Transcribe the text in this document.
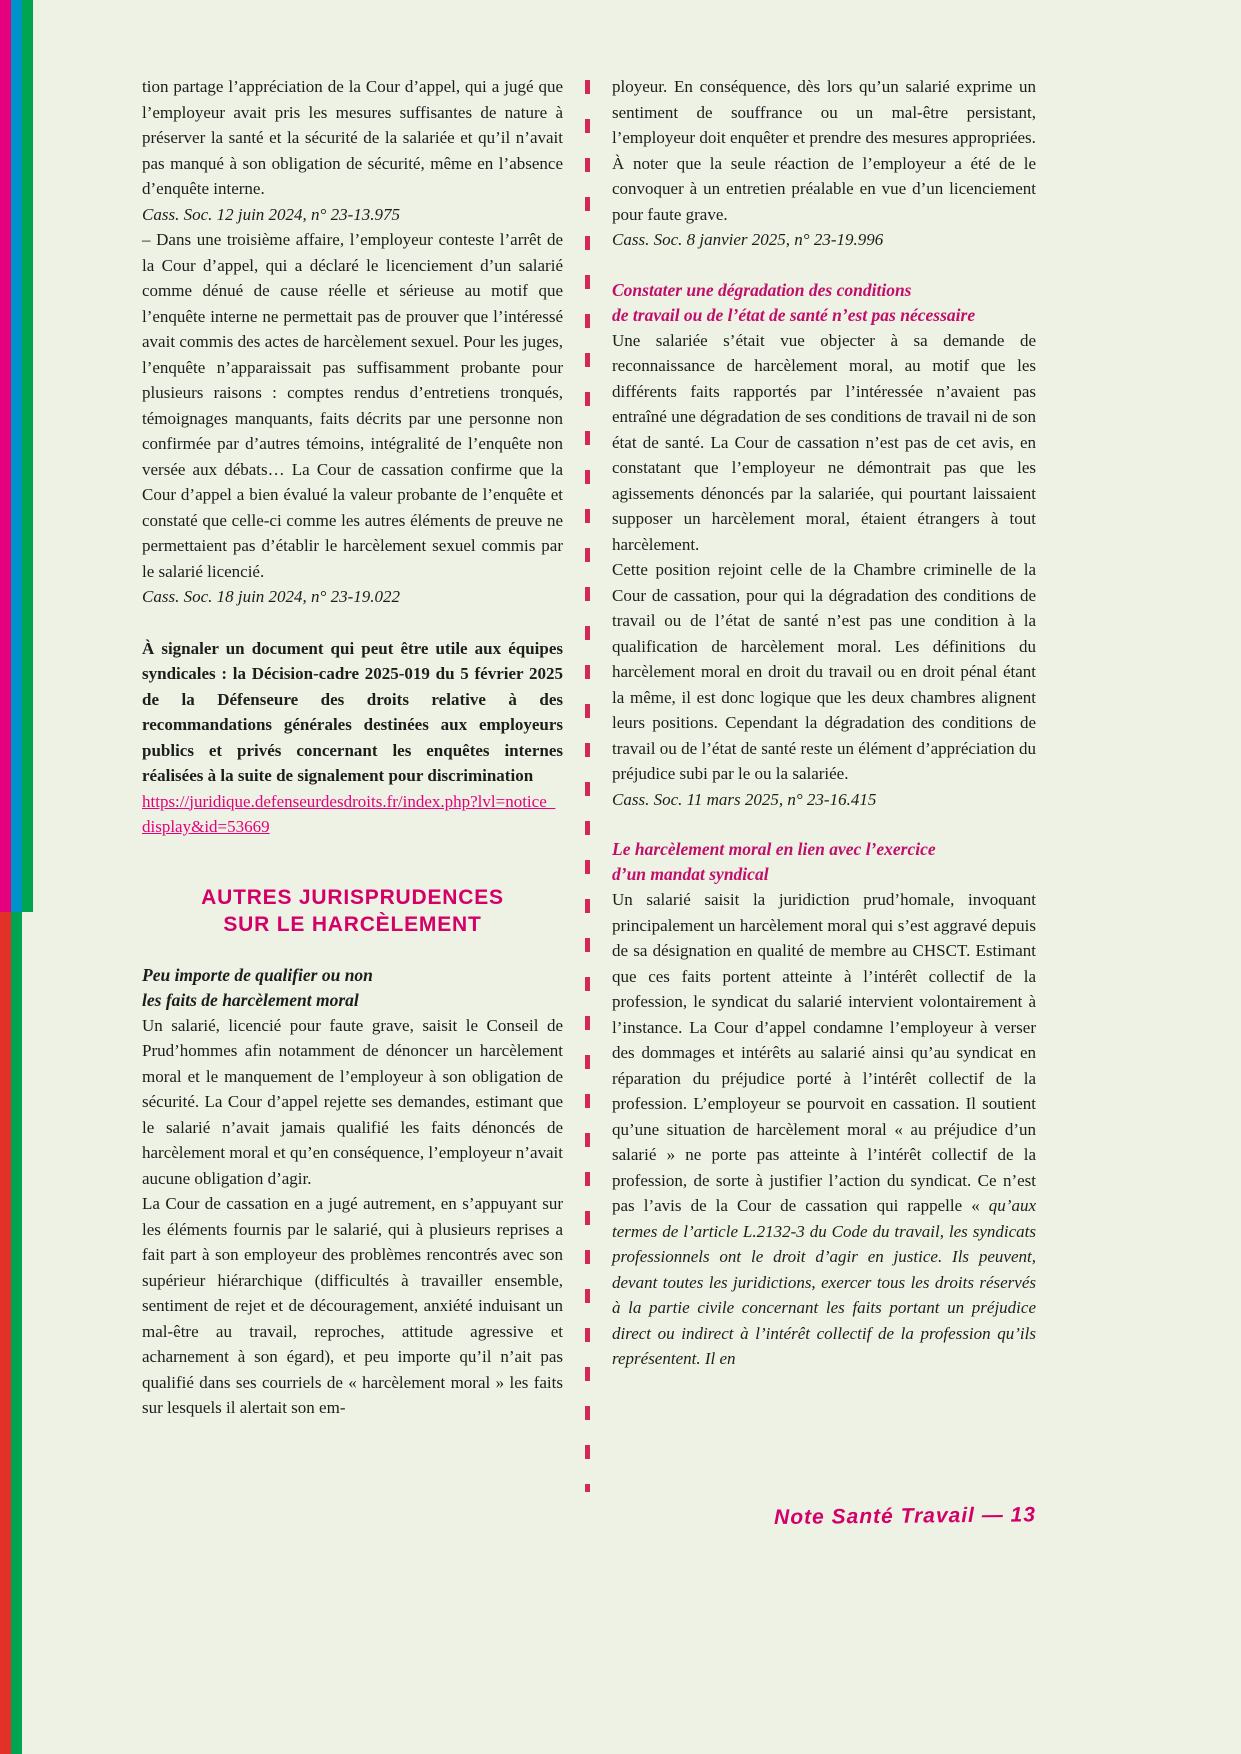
tion partage l’appréciation de la Cour d’appel, qui a jugé que l’employeur avait pris les mesures suffisantes de nature à préserver la santé et la sécurité de la salariée et qu’il n’avait pas manqué à son obligation de sécurité, même en l’absence d’enquête interne.

Cass. Soc. 12 juin 2024, n° 23-13.975

– Dans une troisième affaire, l’employeur conteste l’arrêt de la Cour d’appel, qui a déclaré le licenciement d’un salarié comme dénué de cause réelle et sérieuse au motif que l’enquête interne ne permettait pas de prouver que l’intéressé avait commis des actes de harcèlement sexuel. Pour les juges, l’enquête n’apparaissait pas suffisamment probante pour plusieurs raisons : comptes rendus d’entretiens tronqués, témoignages manquants, faits décrits par une personne non confirmée par d’autres témoins, intégralité de l’enquête non versée aux débats… La Cour de cassation confirme que la Cour d’appel a bien évalué la valeur probante de l’enquête et constaté que celle-ci comme les autres éléments de preuve ne permettaient pas d’établir le harcèlement sexuel commis par le salarié licencié.

Cass. Soc. 18 juin 2024, n° 23-19.022

À signaler un document qui peut être utile aux équipes syndicales : la Décision-cadre 2025-019 du 5 février 2025 de la Défenseure des droits relative à des recommandations générales destinées aux employeurs publics et privés concernant les enquêtes internes réalisées à la suite de signalement pour discrimination

https://juridique.defenseurdesdroits.fr/index.php?lvl=notice_display&id=53669
AUTRES JURISPRUDENCES
SUR LE HARCÈLEMENT
Peu importe de qualifier ou non
les faits de harcèlement moral

Un salarié, licencié pour faute grave, saisit le Conseil de Prud’hommes afin notamment de dénoncer un harcèlement moral et le manquement de l’employeur à son obligation de sécurité. La Cour d’appel rejette ses demandes, estimant que le salarié n’avait jamais qualifié les faits dénoncés de harcèlement moral et qu’en conséquence, l’employeur n’avait aucune obligation d’agir.

La Cour de cassation en a jugé autrement, en s’appuyant sur les éléments fournis par le salarié, qui à plusieurs reprises a fait part à son employeur des problèmes rencontrés avec son supérieur hiérarchique (difficultés à travailler ensemble, sentiment de rejet et de découragement, anxiété induisant un mal-être au travail, reproches, attitude agressive et acharnement à son égard), et peu importe qu’il n’ait pas qualifié dans ses courriels de « harcèlement moral » les faits sur lesquels il alertait son em-

ployeur. En conséquence, dès lors qu’un salarié exprime un sentiment de souffrance ou un mal-être persistant, l’employeur doit enquêter et prendre des mesures appropriées.

À noter que la seule réaction de l’employeur a été de le convoquer à un entretien préalable en vue d’un licenciement pour faute grave.

Cass. Soc. 8 janvier 2025, n° 23-19.996

Constater une dégradation des conditions
de travail ou de l’état de santé n’est pas nécessaire

Une salariée s’était vue objecter à sa demande de reconnaissance de harcèlement moral, au motif que les différents faits rapportés par l’intéressée n’avaient pas entraîné une dégradation de ses conditions de travail ni de son état de santé. La Cour de cassation n’est pas de cet avis, en constatant que l’employeur ne démontrait pas que les agissements dénoncés par la salariée, qui pourtant laissaient supposer un harcèlement moral, étaient étrangers à tout harcèlement.

Cette position rejoint celle de la Chambre criminelle de la Cour de cassation, pour qui la dégradation des conditions de travail ou de l’état de santé n’est pas une condition à la qualification de harcèlement moral. Les définitions du harcèlement moral en droit du travail ou en droit pénal étant la même, il est donc logique que les deux chambres alignent leurs positions. Cependant la dégradation des conditions de travail ou de l’état de santé reste un élément d’appréciation du préjudice subi par le ou la salariée.

Cass. Soc. 11 mars 2025, n° 23-16.415

Le harcèlement moral en lien avec l’exercice
d’un mandat syndical

Un salarié saisit la juridiction prud’homale, invoquant principalement un harcèlement moral qui s’est aggravé depuis de sa désignation en qualité de membre au CHSCT. Estimant que ces faits portent atteinte à l’intérêt collectif de la profession, le syndicat du salarié intervient volontairement à l’instance. La Cour d’appel condamne l’employeur à verser des dommages et intérêts au salarié ainsi qu’au syndicat en réparation du préjudice porté à l’intérêt collectif de la profession. L’employeur se pourvoit en cassation. Il soutient qu’une situation de harcèlement moral « au préjudice d’un salarié » ne porte pas atteinte à l’intérêt collectif de la profession, de sorte à justifier l’action du syndicat. Ce n’est pas l’avis de la Cour de cassation qui rappelle « qu’aux termes de l’article L.2132-3 du Code du travail, les syndicats professionnels ont le droit d’agir en justice. Ils peuvent, devant toutes les juridictions, exercer tous les droits réservés à la partie civile concernant les faits portant un préjudice direct ou indirect à l’intérêt collectif de la profession qu’ils représentent. Il en

Note Santé Travail — 13
